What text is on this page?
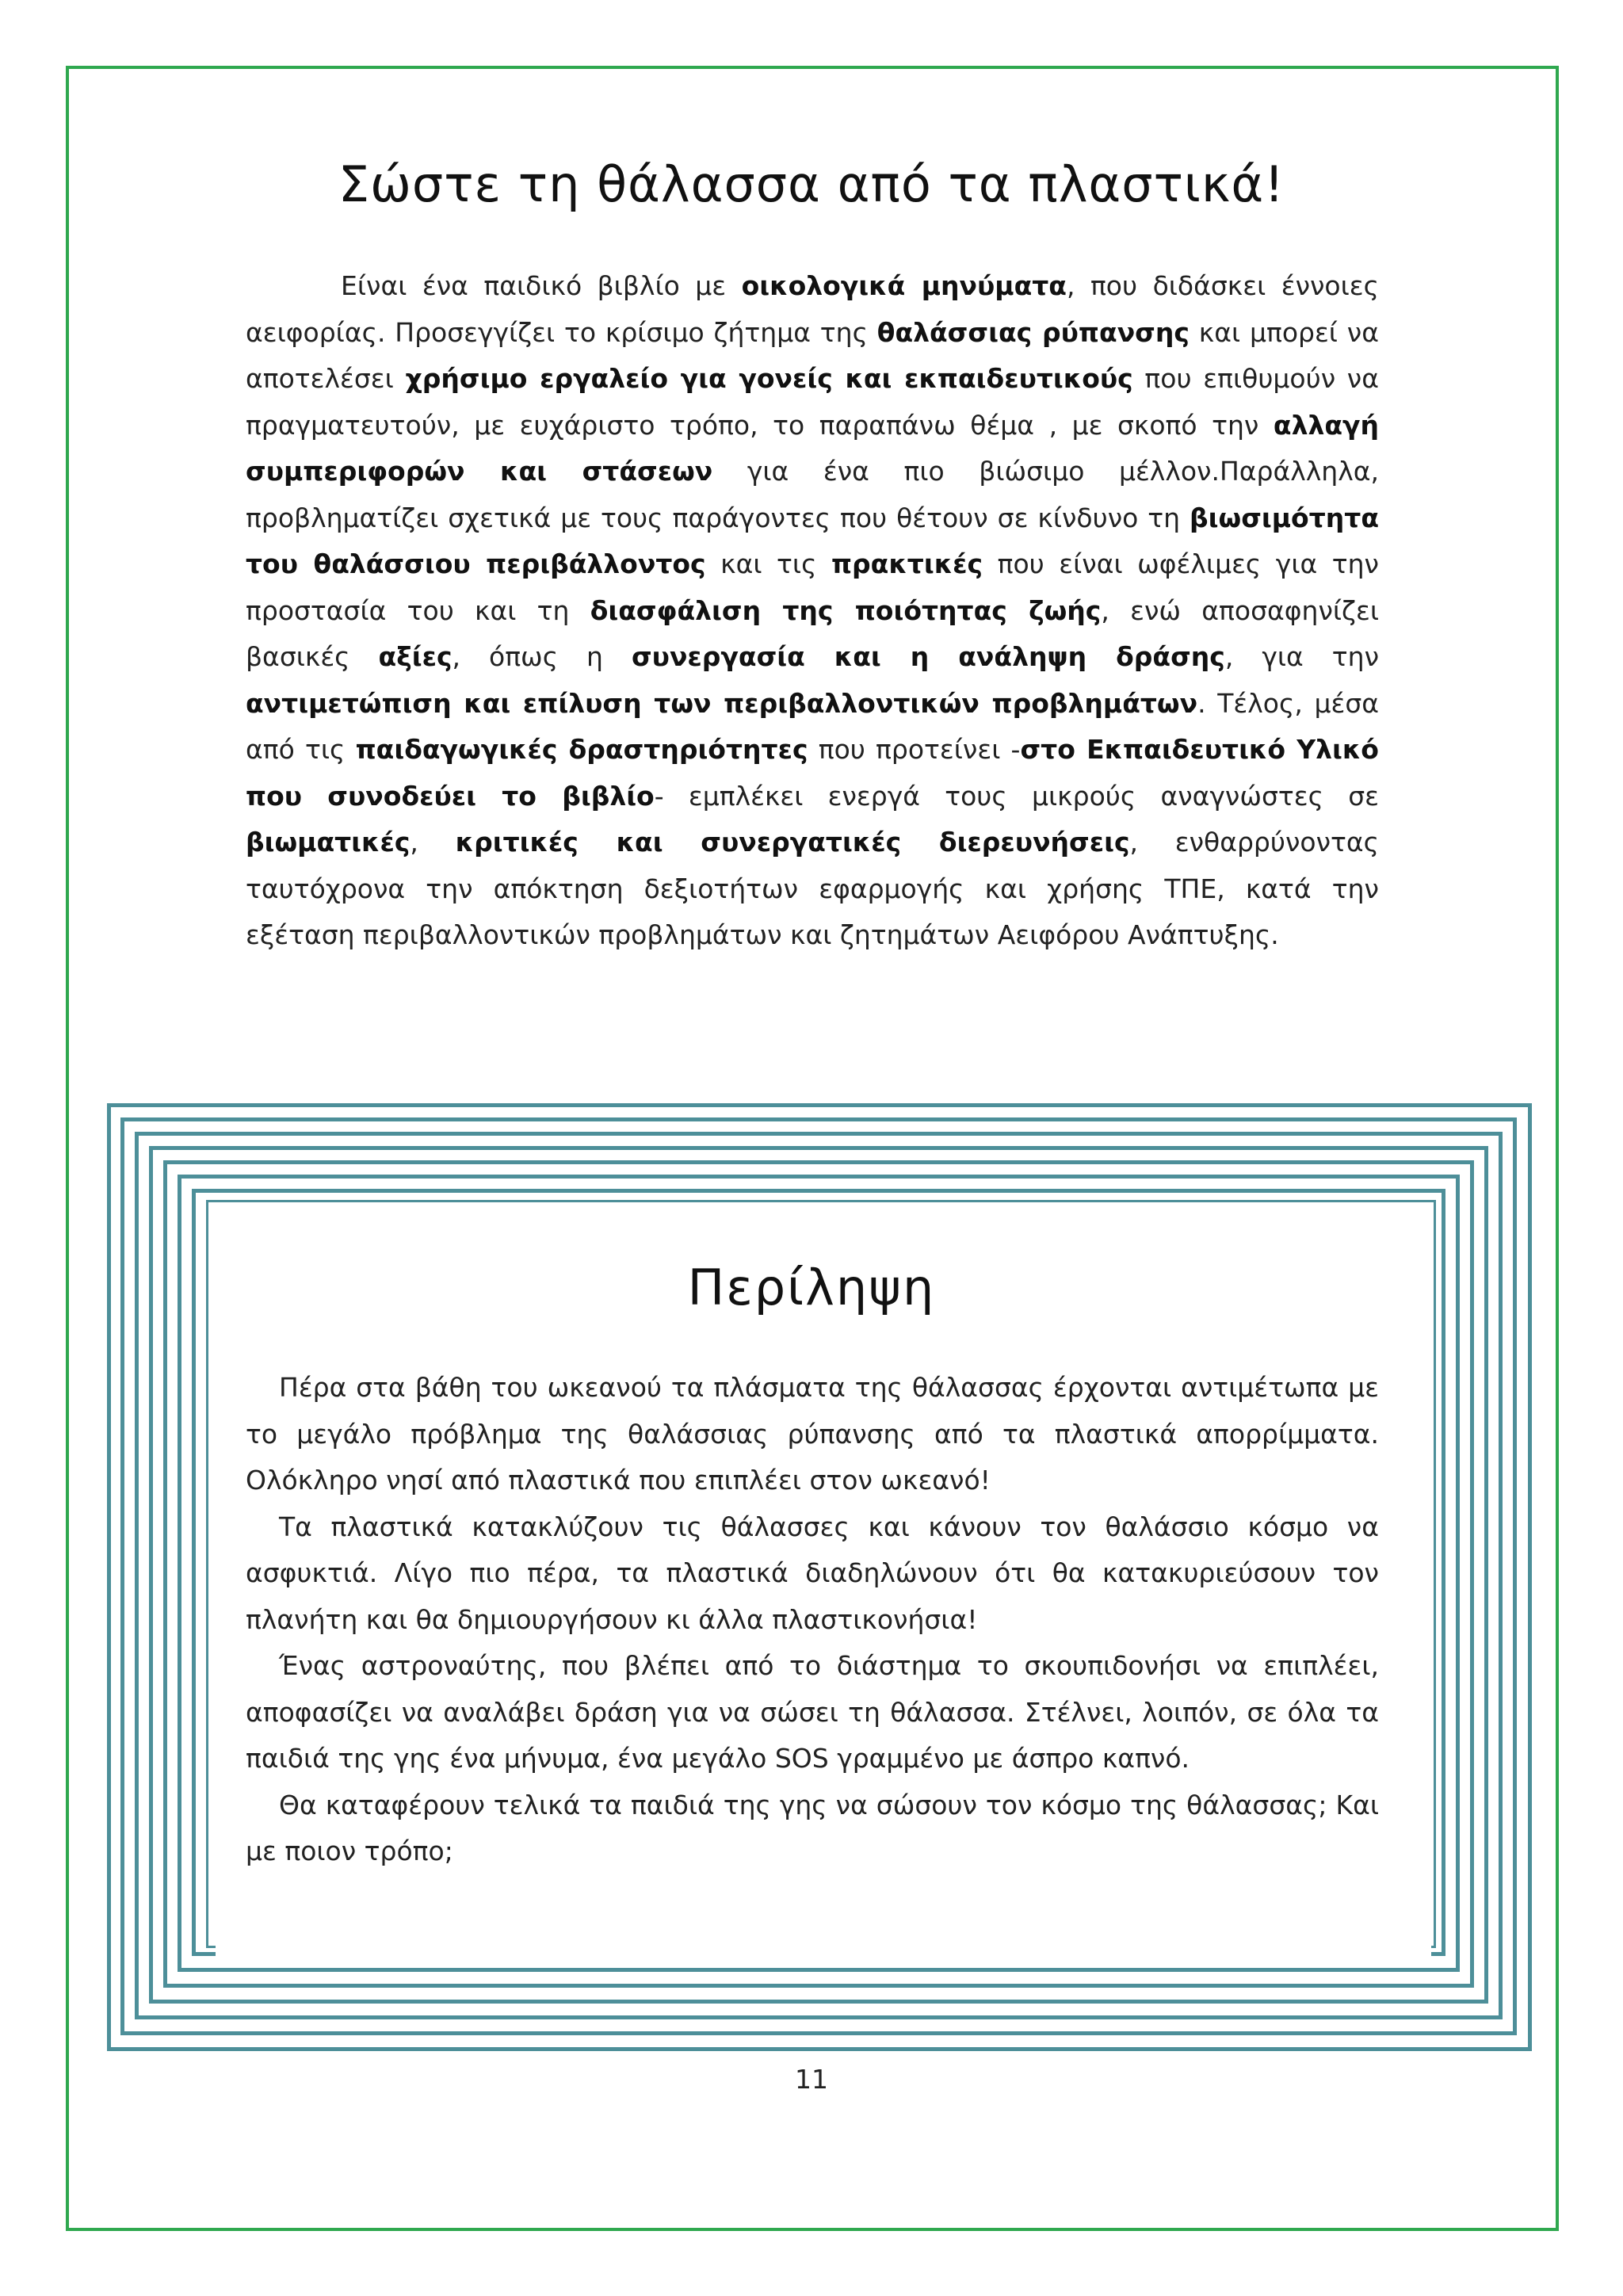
Σώστε τη θάλασσα από τα πλαστικά!

Είναι ένα παιδικό βιβλίο με οικολογικά μηνύματα, που διδάσκει έννοιες αειφορίας. Προσεγγίζει το κρίσιμο ζήτημα της θαλάσσιας ρύπανσης και μπορεί να αποτελέσει χρήσιμο εργαλείο για γονείς και εκπαιδευτικούς που επιθυμούν να πραγματευτούν, με ευχάριστο τρόπο, το παραπάνω θέμα , με σκοπό την αλλαγή συμπεριφορών και στάσεων για ένα πιο βιώσιμο μέλλον.Παράλληλα, προβληματίζει σχετικά με τους παράγοντες που θέτουν σε κίνδυνο τη βιωσιμότητα του θαλάσσιου περιβάλλοντος και τις πρακτικές που είναι ωφέλιμες για την προστασία του και τη διασφάλιση της ποιότητας ζωής, ενώ αποσαφηνίζει βασικές αξίες, όπως η συνεργασία και η ανάληψη δράσης, για την αντιμετώπιση και επίλυση των περιβαλλοντικών προβλημάτων. Τέλος, μέσα από τις παιδαγωγικές δραστηριότητες που προτείνει -στο Εκπαιδευτικό Υλικό που συνοδεύει το βιβλίο- εμπλέκει ενεργά τους μικρούς αναγνώστες σε βιωματικές, κριτικές και συνεργατικές διερευνήσεις, ενθαρρύνοντας ταυτόχρονα την απόκτηση δεξιοτήτων εφαρμογής και χρήσης ΤΠΕ, κατά την εξέταση περιβαλλοντικών προβλημάτων και ζητημάτων Αειφόρου Ανάπτυξης.

Περίληψη

Πέρα στα βάθη του ωκεανού τα πλάσματα της θάλασσας έρχονται αντιμέτωπα με το μεγάλο πρόβλημα της θαλάσσιας ρύπανσης από τα πλαστικά απορρίμματα. Ολόκληρο νησί από πλαστικά που επιπλέει στον ωκεανό!

Τα πλαστικά κατακλύζουν τις θάλασσες και κάνουν τον θαλάσσιο κόσμο να ασφυκτιά. Λίγο πιο πέρα, τα πλαστικά διαδηλώνουν ότι θα κατακυριεύσουν τον πλανήτη και θα δημιουργήσουν κι άλλα πλαστικονήσια!

Ένας αστροναύτης, που βλέπει από το διάστημα το σκουπιδονήσι να επιπλέει, αποφασίζει να αναλάβει δράση για να σώσει τη θάλασσα. Στέλνει, λοιπόν, σε όλα τα παιδιά της γης ένα μήνυμα, ένα μεγάλο SOS γραμμένο με άσπρο καπνό.

Θα καταφέρουν τελικά τα παιδιά της γης να σώσουν τον κόσμο της θάλασσας; Και με ποιον τρόπο;

11
